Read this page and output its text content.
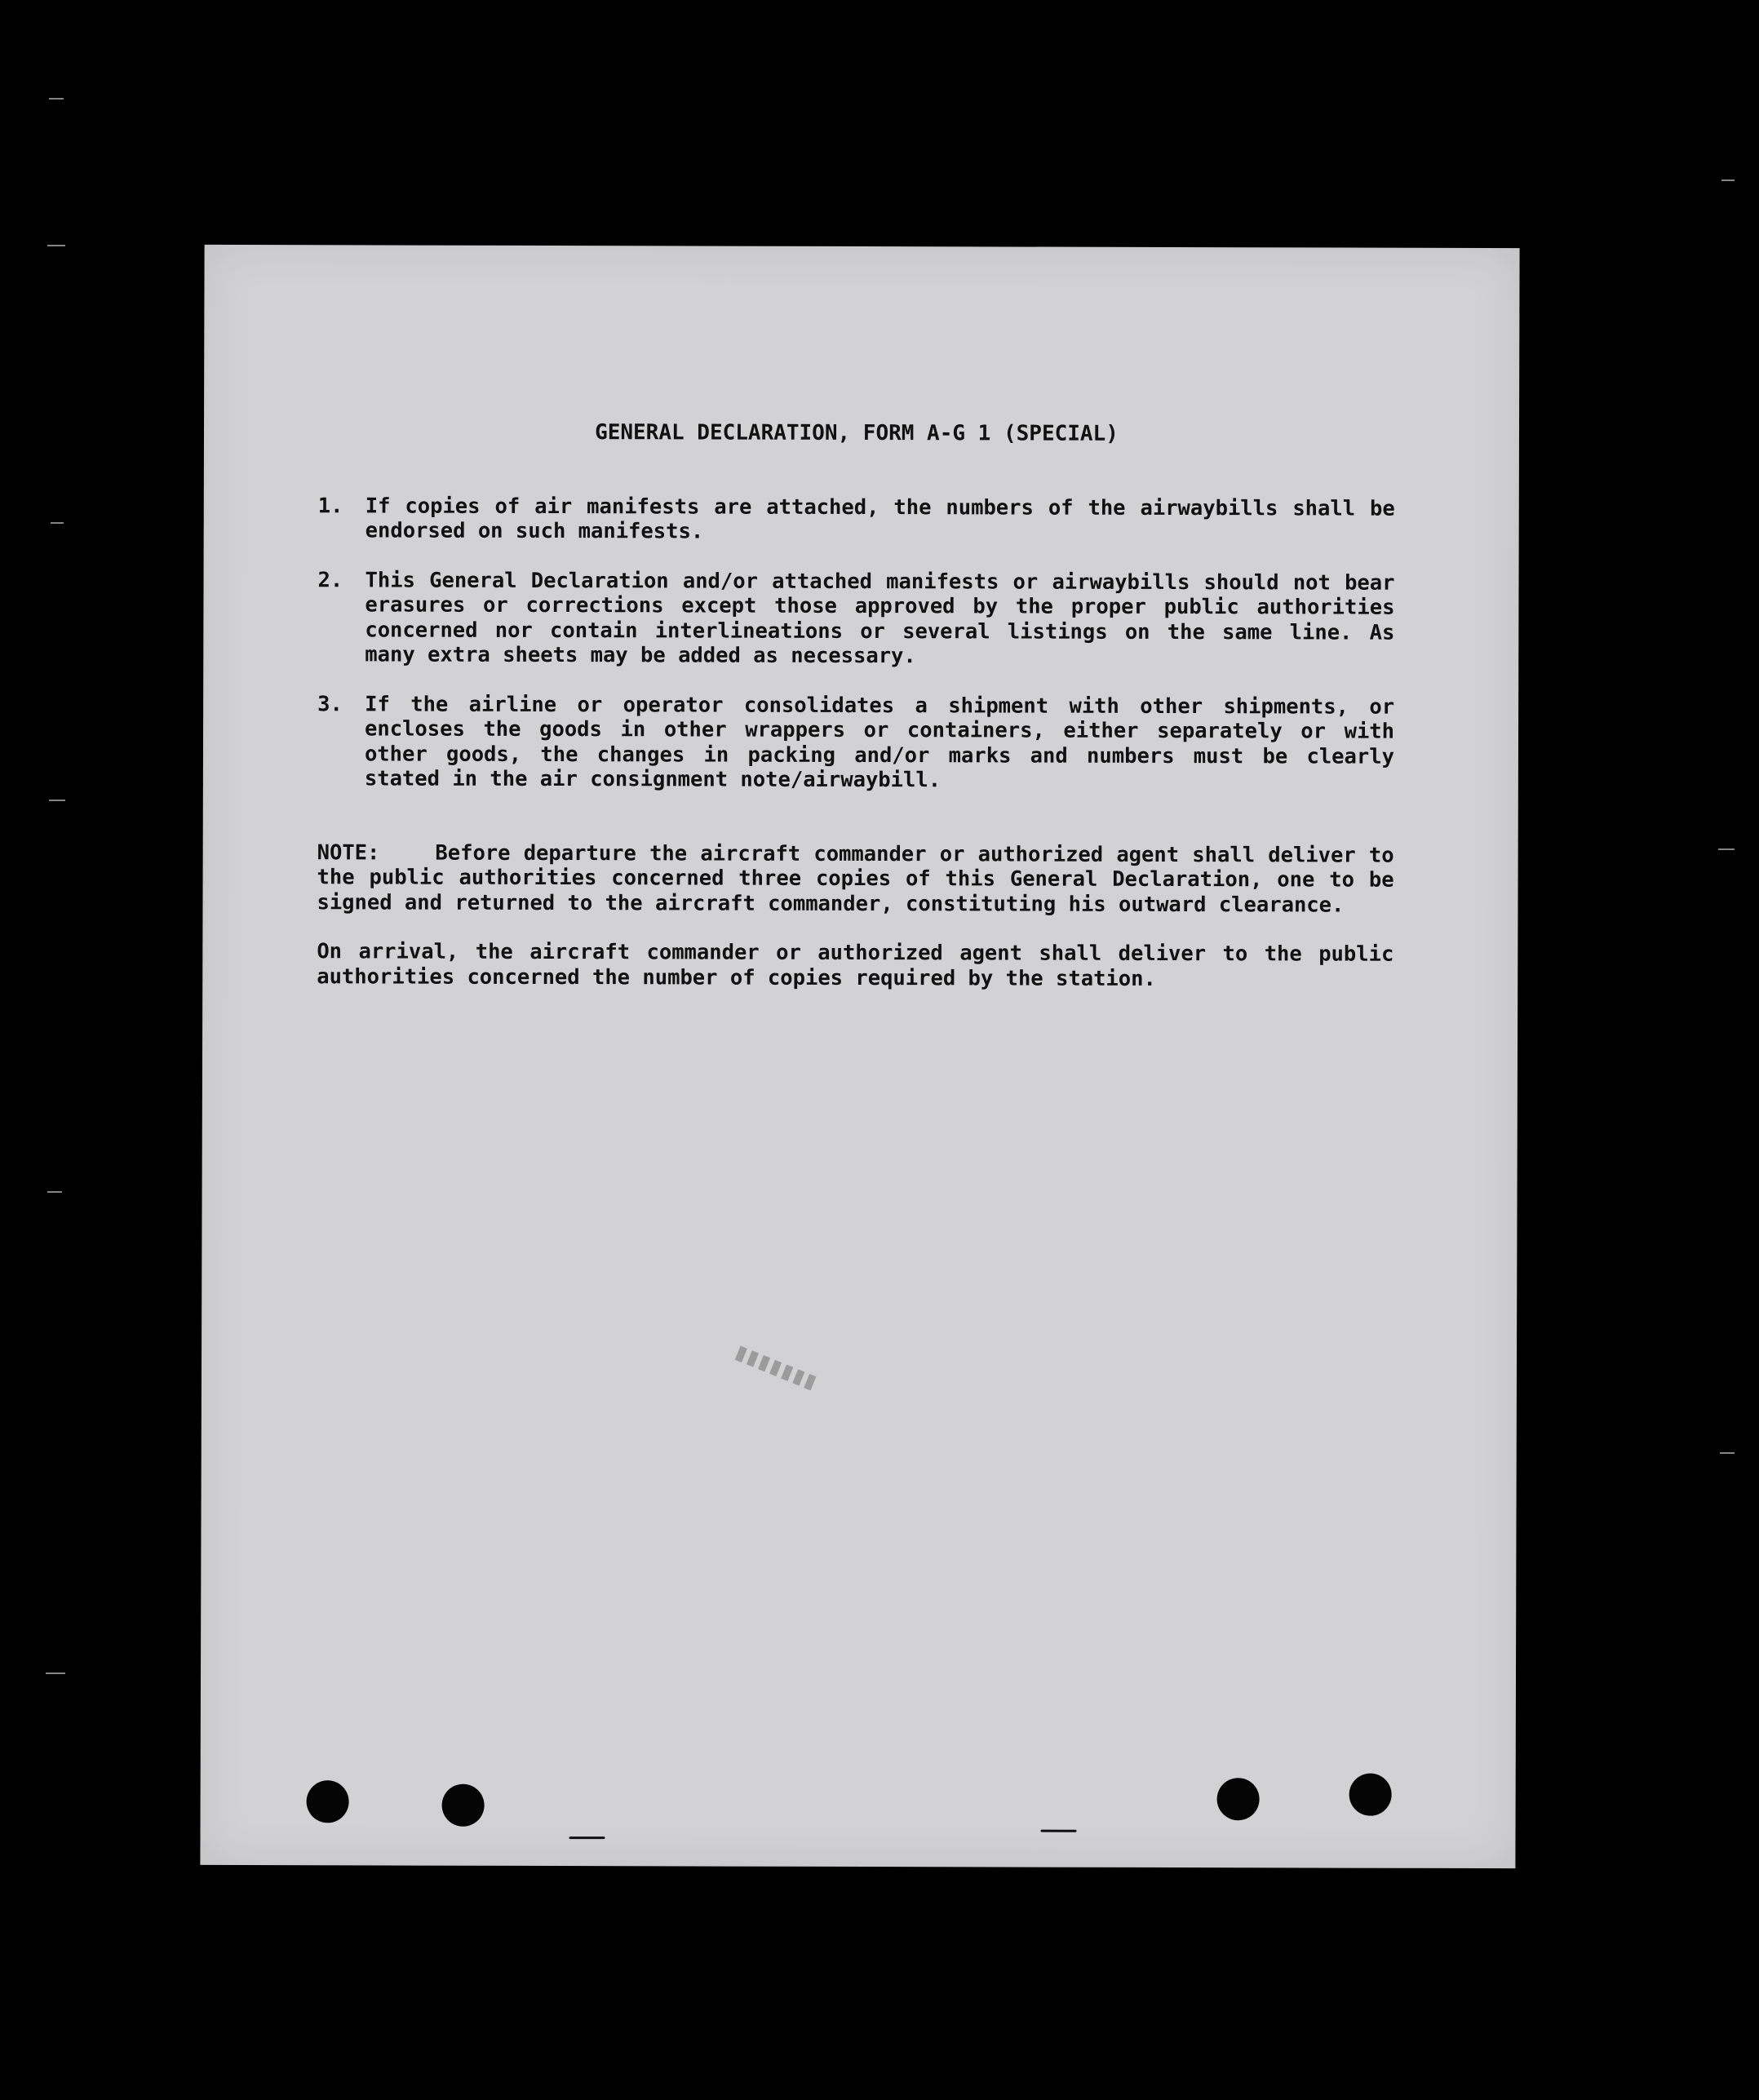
▮▮▮▮▮▮▮
GENERAL DECLARATION, FORM A-G 1 (SPECIAL)
1.	If copies of air manifests are attached, the numbers of the airwaybills shall be endorsed on such manifests.
2.	This General Declaration and/or attached manifests or airwaybills should not bear erasures or corrections except those approved by the proper public authorities concerned nor contain interlineations or several listings on the same line. As many extra sheets may be added as necessary.
3.	If the airline or operator consolidates a shipment with other shipments, or encloses the goods in other wrappers or containers, either separately or with other goods, the changes in packing and/or marks and numbers must be clearly stated in the air consignment note/airwaybill.
NOTE:	Before departure the aircraft commander or authorized agent shall deliver to the public authorities concerned three copies of this General Declaration, one to be signed and returned to the aircraft commander, constituting his outward clearance.
On arrival, the aircraft commander or authorized agent shall deliver to the public authorities concerned the number of copies required by the station.
